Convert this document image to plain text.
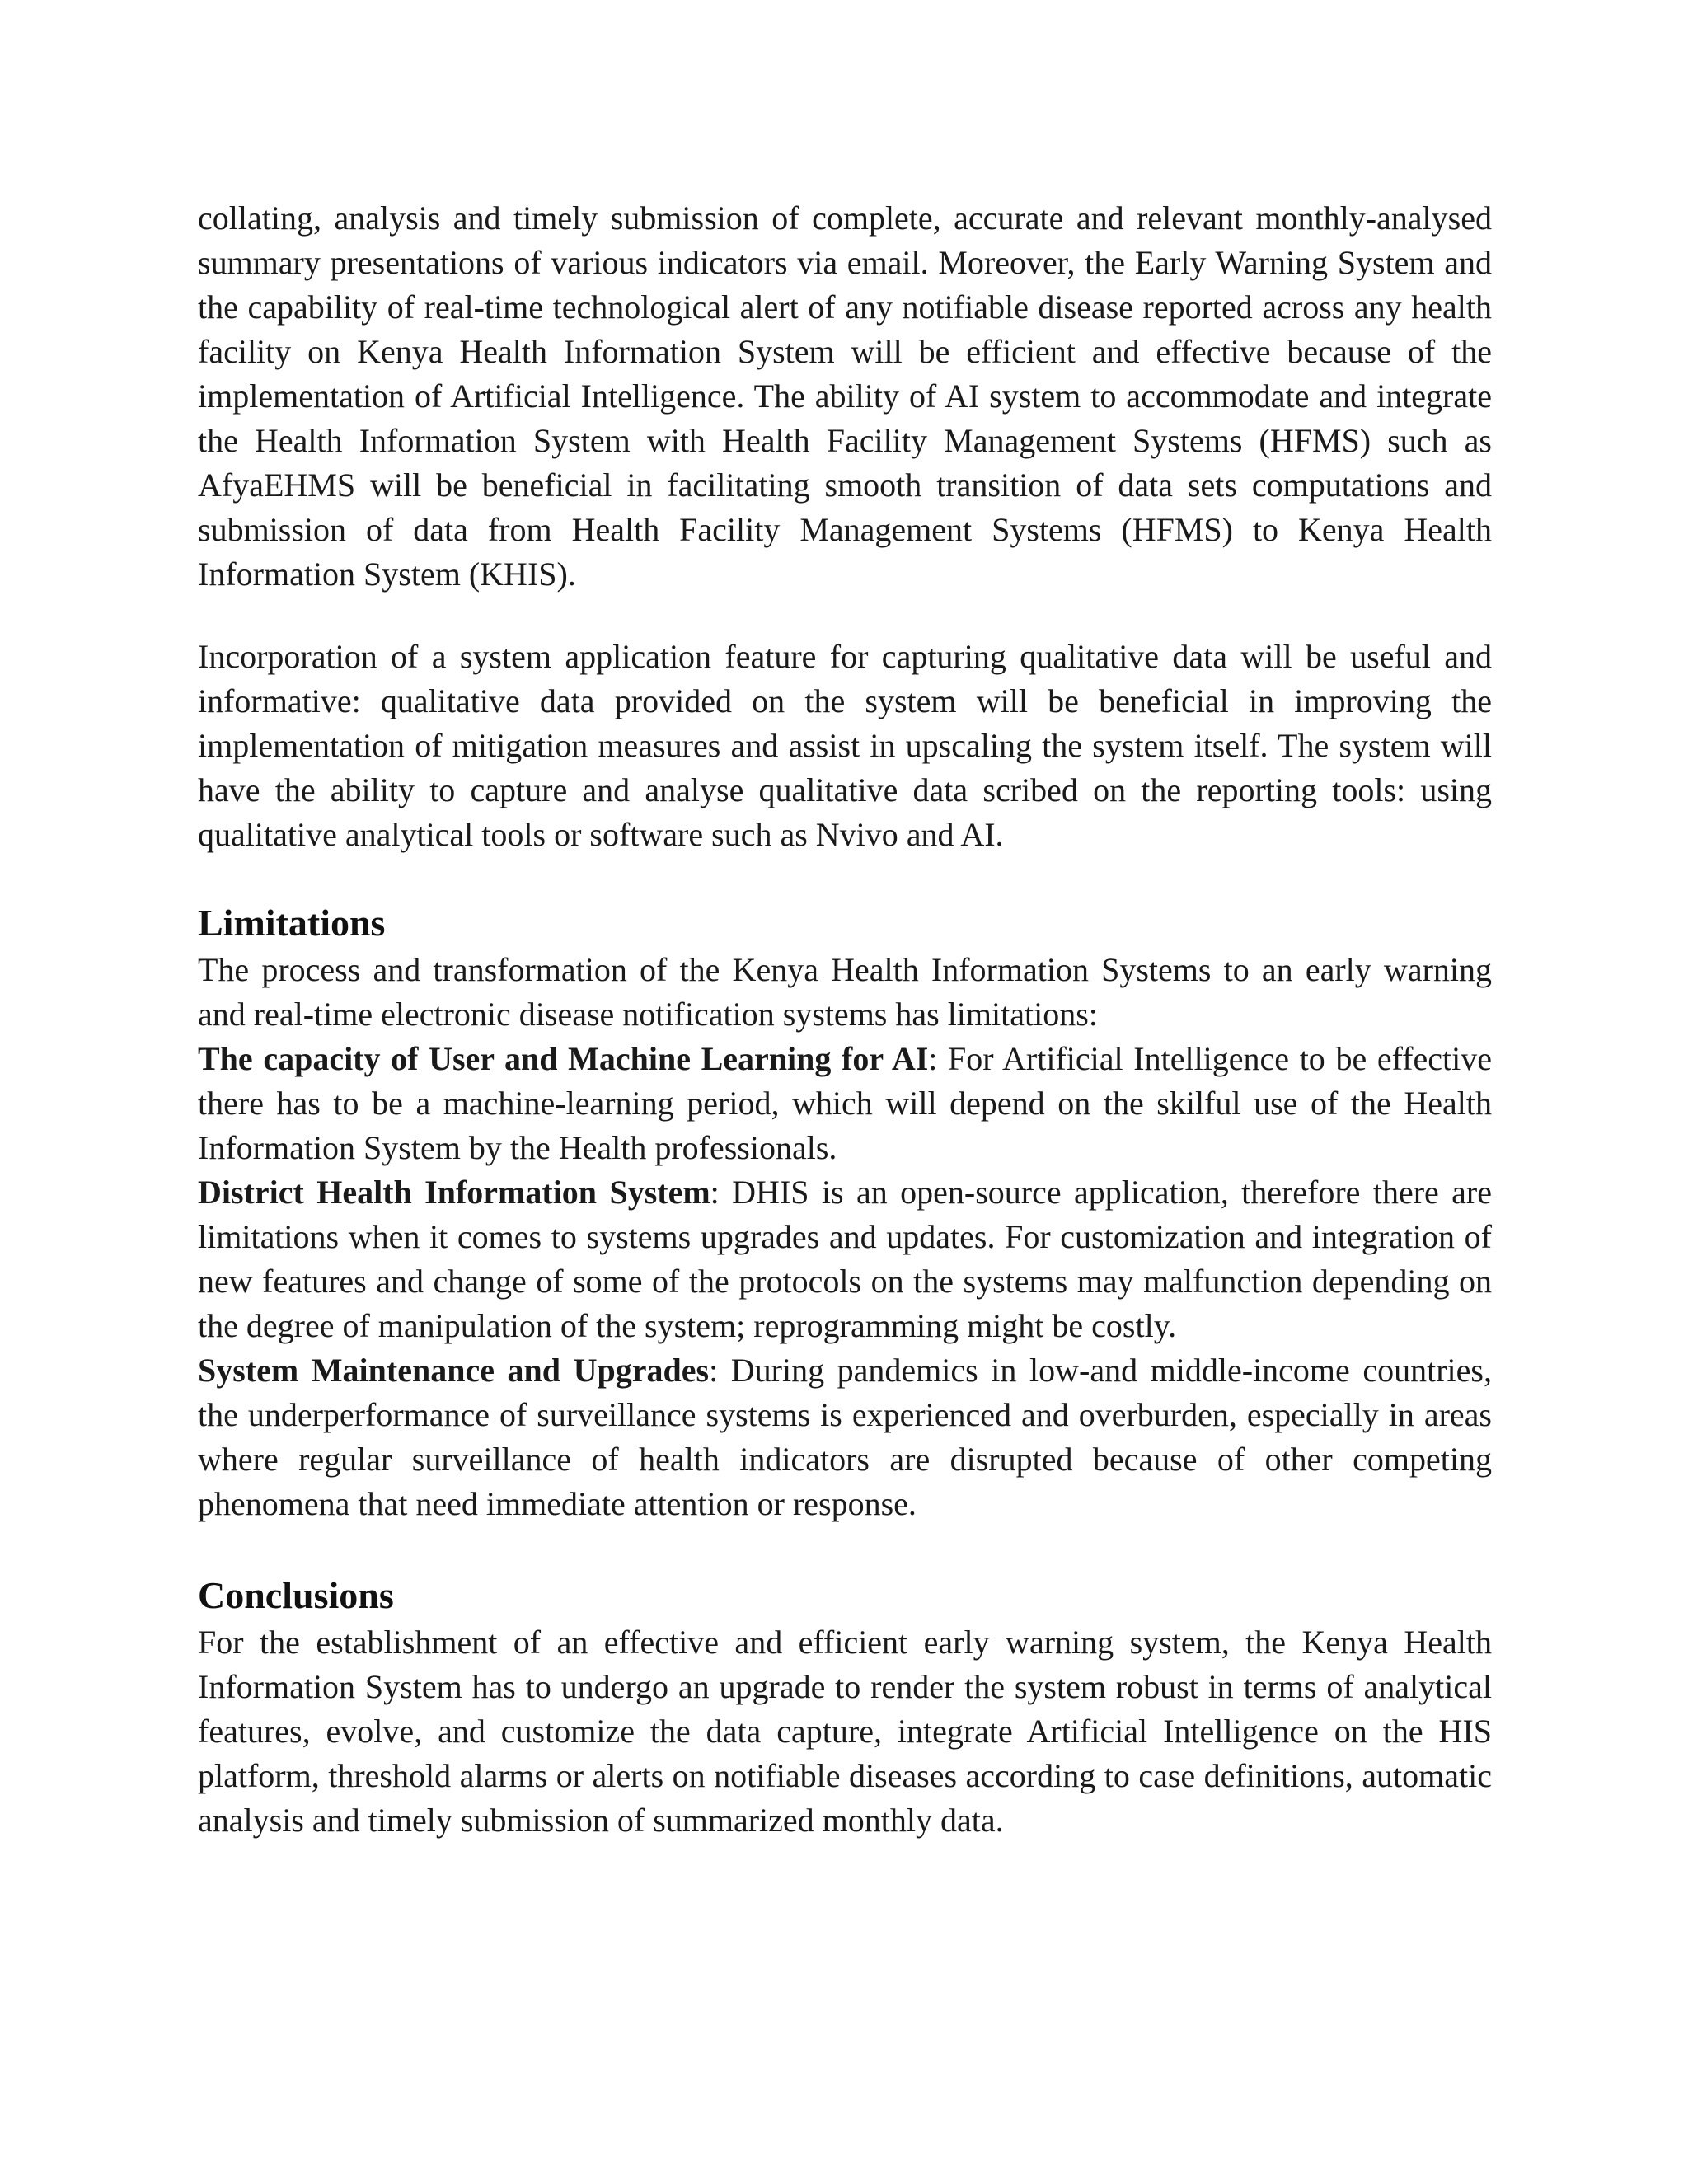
collating, analysis and timely submission of complete, accurate and relevant monthly-analysed summary presentations of various indicators via email. Moreover, the Early Warning System and the capability of real-time technological alert of any notifiable disease reported across any health facility on Kenya Health Information System will be efficient and effective because of the implementation of Artificial Intelligence. The ability of AI system to accommodate and integrate the Health Information System with Health Facility Management Systems (HFMS) such as AfyaEHMS will be beneficial in facilitating smooth transition of data sets computations and submission of data from Health Facility Management Systems (HFMS) to Kenya Health Information System (KHIS).

Incorporation of a system application feature for capturing qualitative data will be useful and informative: qualitative data provided on the system will be beneficial in improving the implementation of mitigation measures and assist in upscaling the system itself. The system will have the ability to capture and analyse qualitative data scribed on the reporting tools: using qualitative analytical tools or software such as Nvivo and AI.

Limitations

The process and transformation of the Kenya Health Information Systems to an early warning and real-time electronic disease notification systems has limitations:

The capacity of User and Machine Learning for AI: For Artificial Intelligence to be effective there has to be a machine-learning period, which will depend on the skilful use of the Health Information System by the Health professionals.

District Health Information System: DHIS is an open-source application, therefore there are limitations when it comes to systems upgrades and updates. For customization and integration of new features and change of some of the protocols on the systems may malfunction depending on the degree of manipulation of the system; reprogramming might be costly.

System Maintenance and Upgrades: During pandemics in low-and middle-income countries, the underperformance of surveillance systems is experienced and overburden, especially in areas where regular surveillance of health indicators are disrupted because of other competing phenomena that need immediate attention or response.

Conclusions

For the establishment of an effective and efficient early warning system, the Kenya Health Information System has to undergo an upgrade to render the system robust in terms of analytical features, evolve, and customize the data capture, integrate Artificial Intelligence on the HIS platform, threshold alarms or alerts on notifiable diseases according to case definitions, automatic analysis and timely submission of summarized monthly data.
